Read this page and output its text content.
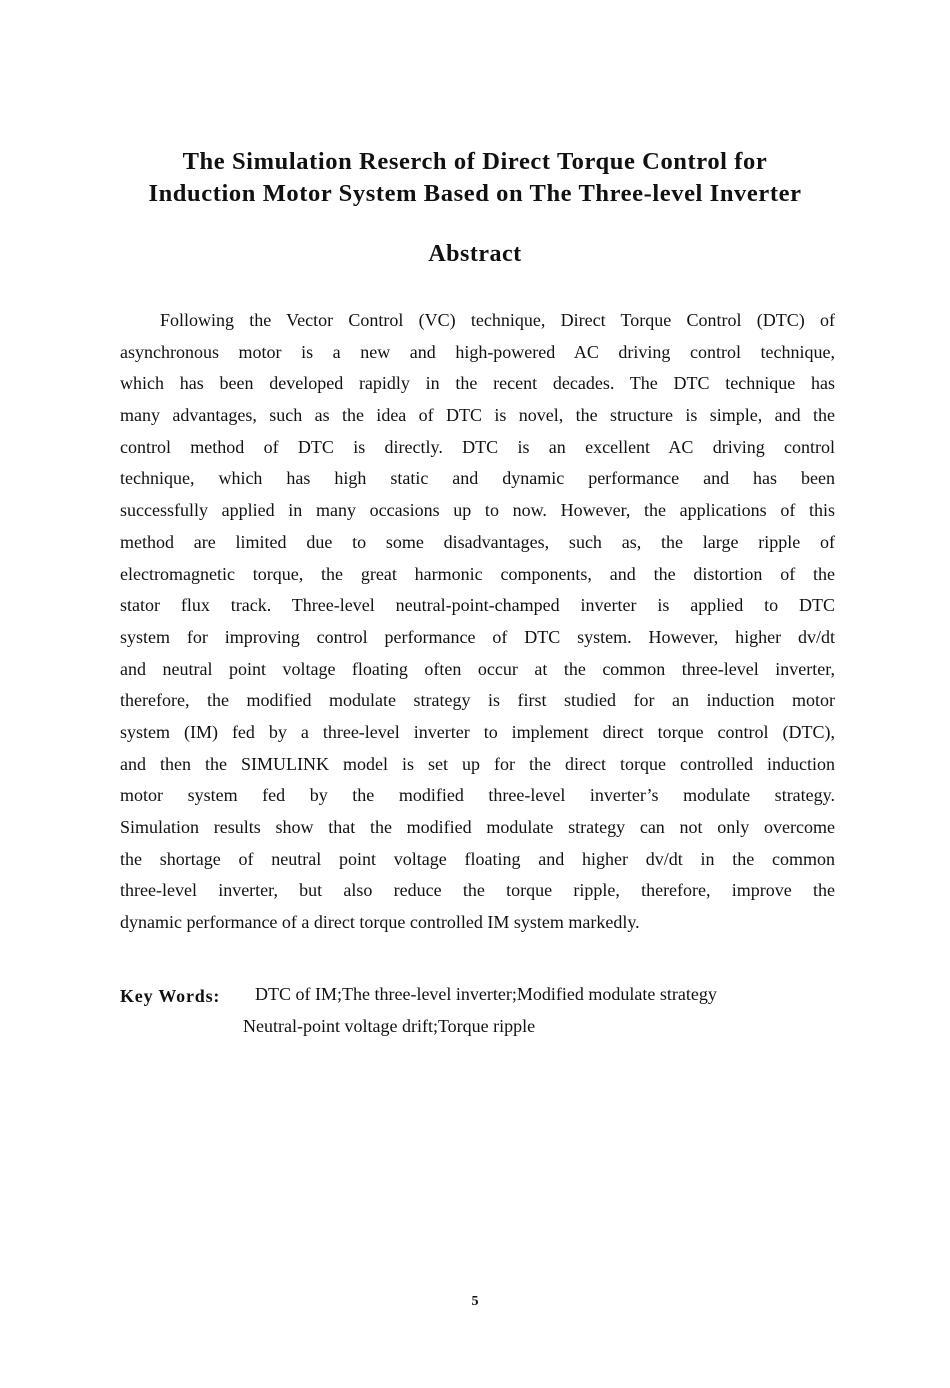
The Simulation Reserch of Direct Torque Control for
Induction Motor System Based on The Three-level Inverter
Abstract
Following the Vector Control (VC) technique, Direct Torque Control (DTC) of
asynchronous motor is a new and high-powered AC driving control technique,
which has been developed rapidly in the recent decades. The DTC technique has
many advantages, such as the idea of DTC is novel, the structure is simple, and the
control method of DTC is directly. DTC is an excellent AC driving control
technique, which has high static and dynamic performance and has been
successfully applied in many occasions up to now. However, the applications of this
method are limited due to some disadvantages, such as, the large ripple of
electromagnetic torque, the great harmonic components, and the distortion of the
stator flux track. Three-level neutral-point-champed inverter is applied to DTC
system for improving control performance of DTC system. However, higher dv/dt
and neutral point voltage floating often occur at the common three-level inverter,
therefore, the modified modulate strategy is first studied for an induction motor
system (IM) fed by a three-level inverter to implement direct torque control (DTC),
and then the SIMULINK model is set up for the direct torque controlled induction
motor system fed by the modified three-level inverter’s modulate strategy.
Simulation results show that the modified modulate strategy can not only overcome
the shortage of neutral point voltage floating and higher dv/dt in the common
three-level inverter, but also reduce the torque ripple, therefore, improve the
dynamic performance of a direct torque controlled IM system markedly.
Key Words: DTC of IM;The three-level inverter;Modified modulate strategy
Neutral-point voltage drift;Torque ripple
5
